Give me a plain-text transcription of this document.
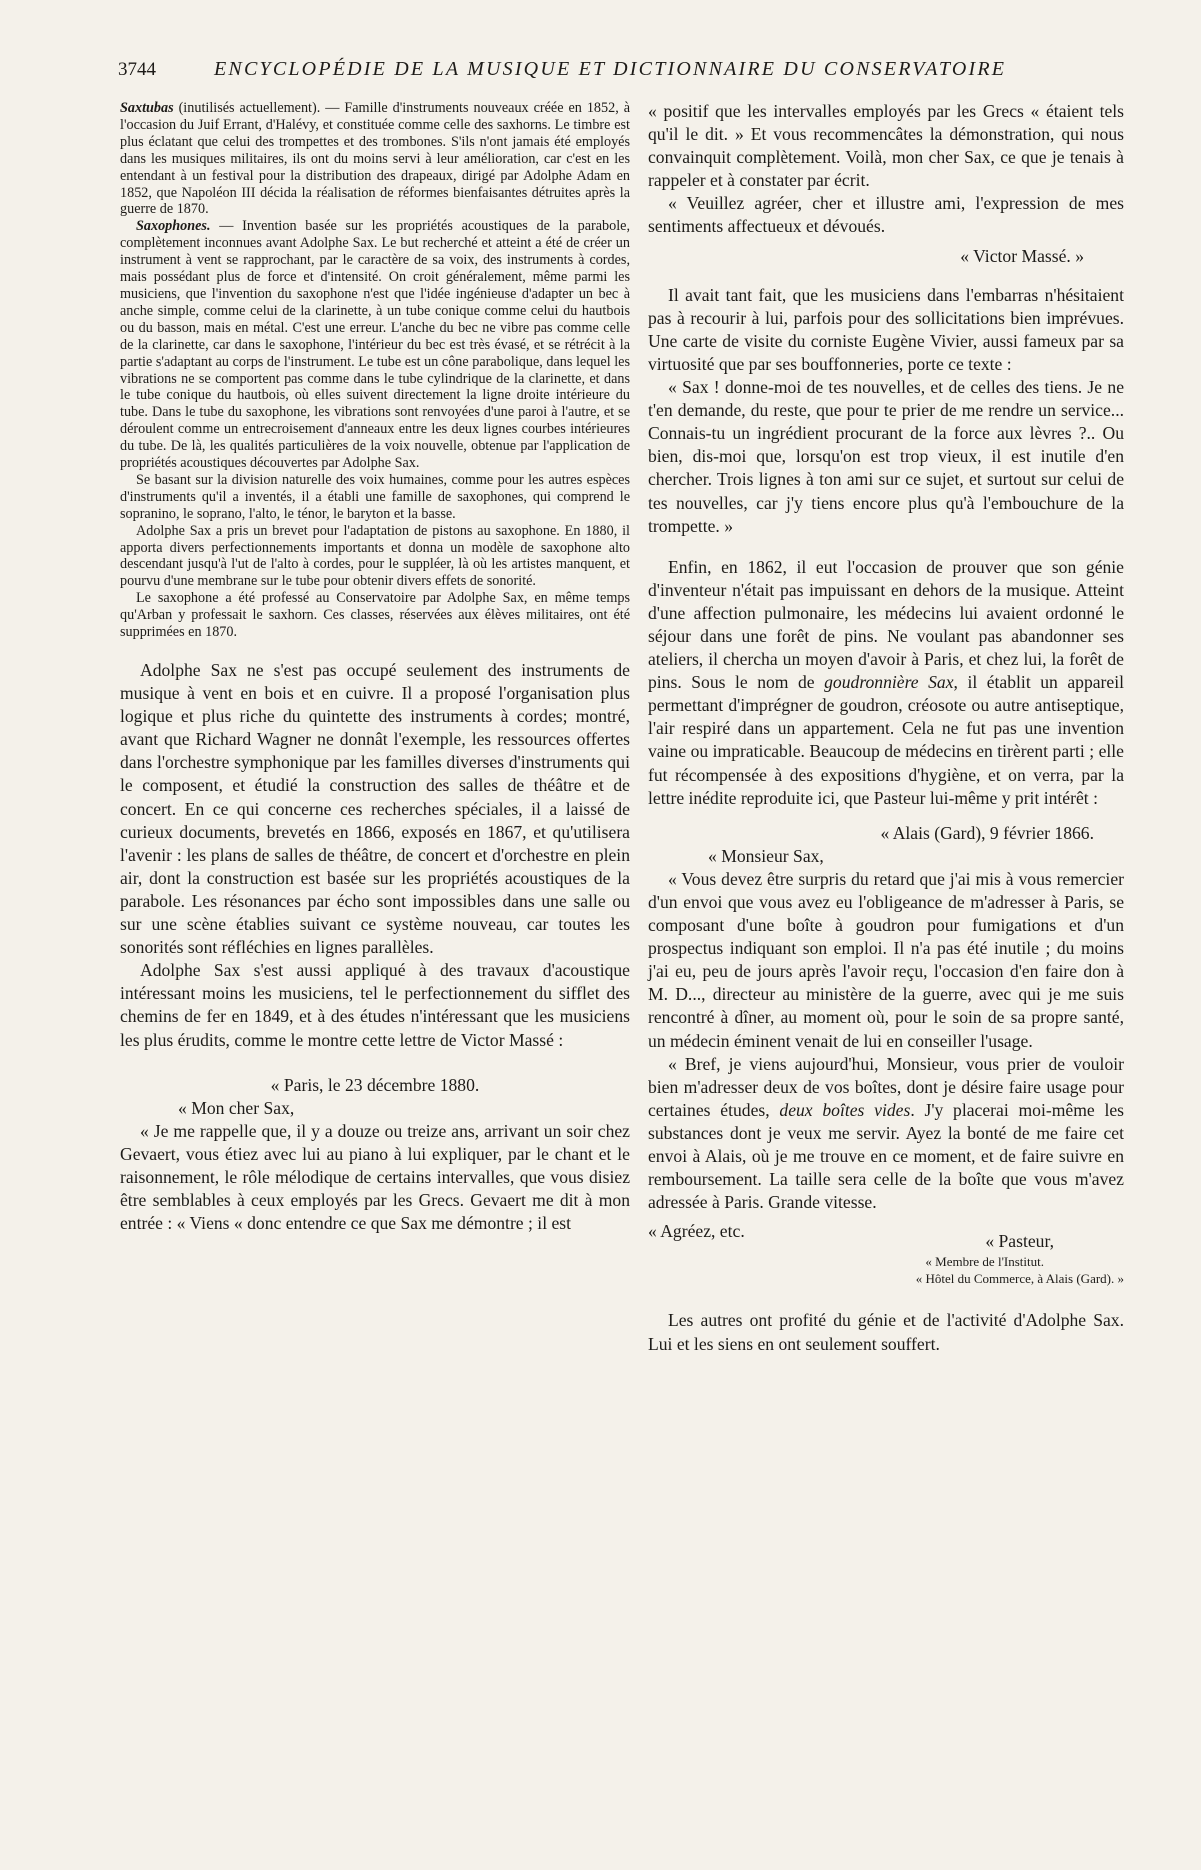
3744	ENCYCLOPÉDIE DE LA MUSIQUE ET DICTIONNAIRE DU CONSERVATOIRE

Saxtubas (inutilisés actuellement). — Famille d'instruments nouveaux créée en 1852, à l'occasion du Juif Errant, d'Halévy, et constituée comme celle des saxhorns. Le timbre est plus éclatant que celui des trompettes et des trombones. S'ils n'ont jamais été employés dans les musiques militaires, ils ont du moins servi à leur amélioration, car c'est en les entendant à un festival pour la distribution des drapeaux, dirigé par Adolphe Adam en 1852, que Napoléon III décida la réalisation de réformes bienfaisantes détruites après la guerre de 1870.

Saxophones. — Invention basée sur les propriétés acoustiques de la parabole, complètement inconnues avant Adolphe Sax. Le but recherché et atteint a été de créer un instrument à vent se rapprochant, par le caractère de sa voix, des instruments à cordes, mais possédant plus de force et d'intensité. On croit généralement, même parmi les musiciens, que l'invention du saxophone n'est que l'idée ingénieuse d'adapter un bec à anche simple, comme celui de la clarinette, à un tube conique comme celui du hautbois ou du basson, mais en métal. C'est une erreur. L'anche du bec ne vibre pas comme celle de la clarinette, car dans le saxophone, l'intérieur du bec est très évasé, et se rétrécit à la partie s'adaptant au corps de l'instrument. Le tube est un cône parabolique, dans lequel les vibrations ne se comportent pas comme dans le tube cylindrique de la clarinette, et dans le tube conique du hautbois, où elles suivent directement la ligne droite intérieure du tube. Dans le tube du saxophone, les vibrations sont renvoyées d'une paroi à l'autre, et se déroulent comme un entrecroisement d'anneaux entre les deux lignes courbes intérieures du tube. De là, les qualités particulières de la voix nouvelle, obtenue par l'application de propriétés acoustiques découvertes par Adolphe Sax.

Se basant sur la division naturelle des voix humaines, comme pour les autres espèces d'instruments qu'il a inventés, il a établi une famille de saxophones, qui comprend le sopranino, le soprano, l'alto, le ténor, le baryton et la basse.

Adolphe Sax a pris un brevet pour l'adaptation de pistons au saxophone. En 1880, il apporta divers perfectionnements importants et donna un modèle de saxophone alto descendant jusqu'à l'ut de l'alto à cordes, pour le suppléer, là où les artistes manquent, et pourvu d'une membrane sur le tube pour obtenir divers effets de sonorité.

Le saxophone a été professé au Conservatoire par Adolphe Sax, en même temps qu'Arban y professait le saxhorn. Ces classes, réservées aux élèves militaires, ont été supprimées en 1870.

Adolphe Sax ne s'est pas occupé seulement des instruments de musique à vent en bois et en cuivre. Il a proposé l'organisation plus logique et plus riche du quintette des instruments à cordes; montré, avant que Richard Wagner ne donnât l'exemple, les ressources offertes dans l'orchestre symphonique par les familles diverses d'instruments qui le composent, et étudié la construction des salles de théâtre et de concert. En ce qui concerne ces recherches spéciales, il a laissé de curieux documents, brevetés en 1866, exposés en 1867, et qu'utilisera l'avenir : les plans de salles de théâtre, de concert et d'orchestre en plein air, dont la construction est basée sur les propriétés acoustiques de la parabole. Les résonances par écho sont impossibles dans une salle ou sur une scène établies suivant ce système nouveau, car toutes les sonorités sont réfléchies en lignes parallèles.

Adolphe Sax s'est aussi appliqué à des travaux d'acoustique intéressant moins les musiciens, tel le perfectionnement du sifflet des chemins de fer en 1849, et à des études n'intéressant que les musiciens les plus érudits, comme le montre cette lettre de Victor Massé :

« Paris, le 23 décembre 1880.

« Mon cher Sax,

« Je me rappelle que, il y a douze ou treize ans, arrivant un soir chez Gevaert, vous étiez avec lui au piano à lui expliquer, par le chant et le raisonnement, le rôle mélodique de certains intervalles, que vous disiez être semblables à ceux employés par les Grecs. Gevaert me dit à mon entrée : « Viens « donc entendre ce que Sax me démontre ; il est

« positif que les intervalles employés par les Grecs « étaient tels qu'il le dit. » Et vous recommencâtes la démonstration, qui nous convainquit complètement. Voilà, mon cher Sax, ce que je tenais à rappeler et à constater par écrit.

« Veuillez agréer, cher et illustre ami, l'expression de mes sentiments affectueux et dévoués.

« Victor Massé. »

Il avait tant fait, que les musiciens dans l'embarras n'hésitaient pas à recourir à lui, parfois pour des sollicitations bien imprévues. Une carte de visite du corniste Eugène Vivier, aussi fameux par sa virtuosité que par ses bouffonneries, porte ce texte :

« Sax ! donne-moi de tes nouvelles, et de celles des tiens. Je ne t'en demande, du reste, que pour te prier de me rendre un service... Connais-tu un ingrédient procurant de la force aux lèvres ?.. Ou bien, dis-moi que, lorsqu'on est trop vieux, il est inutile d'en chercher. Trois lignes à ton ami sur ce sujet, et surtout sur celui de tes nouvelles, car j'y tiens encore plus qu'à l'embouchure de la trompette. »

Enfin, en 1862, il eut l'occasion de prouver que son génie d'inventeur n'était pas impuissant en dehors de la musique. Atteint d'une affection pulmonaire, les médecins lui avaient ordonné le séjour dans une forêt de pins. Ne voulant pas abandonner ses ateliers, il chercha un moyen d'avoir à Paris, et chez lui, la forêt de pins. Sous le nom de goudronnière Sax, il établit un appareil permettant d'imprégner de goudron, créosote ou autre antiseptique, l'air respiré dans un appartement. Cela ne fut pas une invention vaine ou impraticable. Beaucoup de médecins en tirèrent parti ; elle fut récompensée à des expositions d'hygiène, et on verra, par la lettre inédite reproduite ici, que Pasteur lui-même y prit intérêt :

« Alais (Gard), 9 février 1866.

« Monsieur Sax,

« Vous devez être surpris du retard que j'ai mis à vous remercier d'un envoi que vous avez eu l'obligeance de m'adresser à Paris, se composant d'une boîte à goudron pour fumigations et d'un prospectus indiquant son emploi. Il n'a pas été inutile ; du moins j'ai eu, peu de jours après l'avoir reçu, l'occasion d'en faire don à M. D..., directeur au ministère de la guerre, avec qui je me suis rencontré à dîner, au moment où, pour le soin de sa propre santé, un médecin éminent venait de lui en conseiller l'usage.

« Bref, je viens aujourd'hui, Monsieur, vous prier de vouloir bien m'adresser deux de vos boîtes, dont je désire faire usage pour certaines études, deux boîtes vides. J'y placerai moi-même les substances dont je veux me servir. Ayez la bonté de me faire cet envoi à Alais, où je me trouve en ce moment, et de faire suivre en remboursement. La taille sera celle de la boîte que vous m'avez adressée à Paris. Grande vitesse.

« Agréez, etc.	« Pasteur,
« Membre de l'Institut.
« Hôtel du Commerce, à Alais (Gard). »

Les autres ont profité du génie et de l'activité d'Adolphe Sax. Lui et les siens en ont seulement souffert.
